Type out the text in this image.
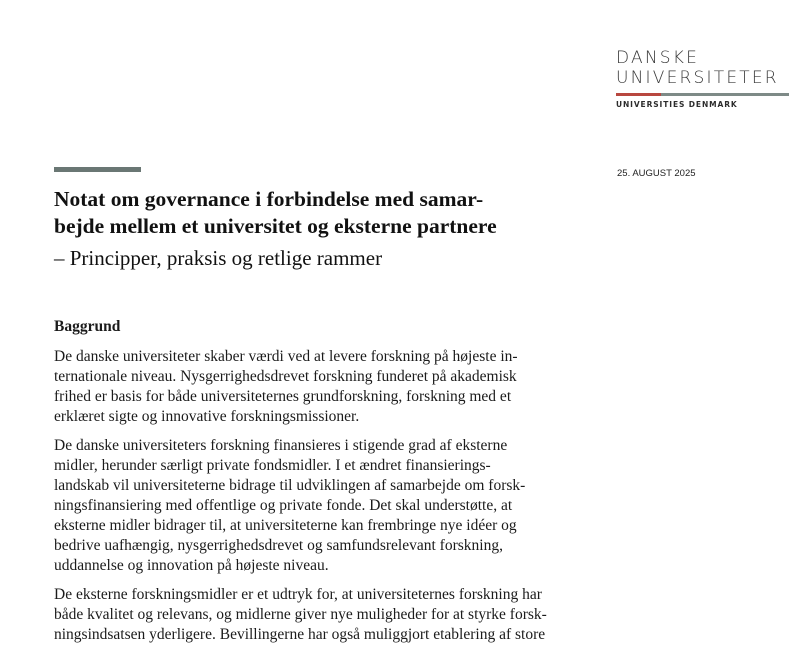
DANSKE
UNIVERSITETER
UNIVERSITIES DENMARK
25. AUGUST 2025
Notat om governance i forbindelse med samar-
bejde mellem et universitet og eksterne partnere
– Principper, praksis og retlige rammer
Baggrund

De danske universiteter skaber værdi ved at levere forskning på højeste in-
ternationale niveau. Nysgerrighedsdrevet forskning funderet på akademisk
frihed er basis for både universiteternes grundforskning, forskning med et
erklæret sigte og innovative forskningsmissioner.

De danske universiteters forskning finansieres i stigende grad af eksterne
midler, herunder særligt private fondsmidler. I et ændret finansierings-
landskab vil universiteterne bidrage til udviklingen af samarbejde om forsk-
ningsfinansiering med offentlige og private fonde. Det skal understøtte, at
eksterne midler bidrager til, at universiteterne kan frembringe nye idéer og
bedrive uafhængig, nysgerrighedsdrevet og samfundsrelevant forskning,
uddannelse og innovation på højeste niveau.

De eksterne forskningsmidler er et udtryk for, at universiteternes forskning har
både kvalitet og relevans, og midlerne giver nye muligheder for at styrke forsk-
ningsindsatsen yderligere. Bevillingerne har også muliggjort etablering af store
